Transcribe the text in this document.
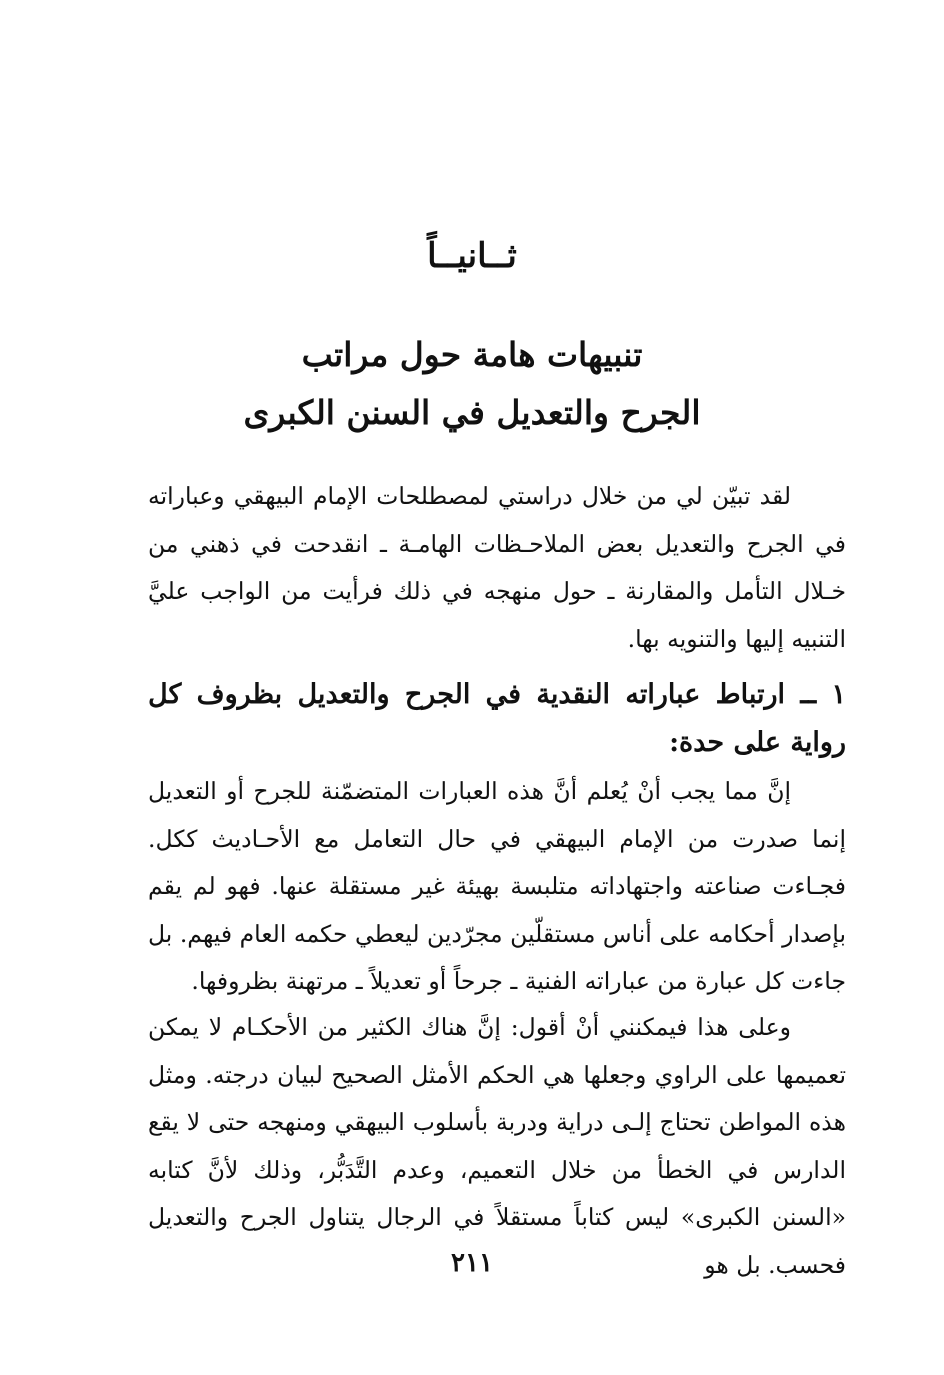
ثــانيــاً

تنبيهات هامة حول مراتب

الجرح والتعديل في السنن الكبرى

لقد تبيّن لي من خلال دراستي لمصطلحات الإمام البيهقي وعباراته في الجرح والتعديل بعض الملاحـظات الهامـة ـ انقدحت في ذهني من خـلال التأمل والمقارنة ـ حول منهجه في ذلك فرأيت من الواجب عليَّ التنبيه إليها والتنويه بها.

١ ــ ارتباط عباراته النقدية في الجرح والتعديل بظروف كل رواية على حدة:

إنَّ مما يجب أنْ يُعلم أنَّ هذه العبارات المتضمّنة للجرح أو التعديل إنما صدرت من الإمام البيهقي في حال التعامل مع الأحـاديث ككل. فجـاءت صناعته واجتهاداته متلبسة بهيئة غير مستقلة عنها. فهو لم يقم بإصدار أحكامه على أناس مستقلّين مجرّدين ليعطي حكمه العام فيهم. بل جاءت كل عبارة من عباراته الفنية ـ جرحاً أو تعديلاً ـ مرتهنة بظروفها.

وعلى هذا فيمكنني أنْ أقول: إنَّ هناك الكثير من الأحكـام لا يمكن تعميمها على الراوي وجعلها هي الحكم الأمثل الصحيح لبيان درجته. ومثل هذه المواطن تحتاج إلـى دراية ودربة بأسلوب البيهقي ومنهجه حتى لا يقع الدارس في الخطأ من خلال التعميم، وعدم التَّدَبُّر، وذلك لأنَّ كتابه «السنن الكبرى» ليس كتاباً مستقلاً في الرجال يتناول الجرح والتعديل فحسب. بل هو

٢١١
